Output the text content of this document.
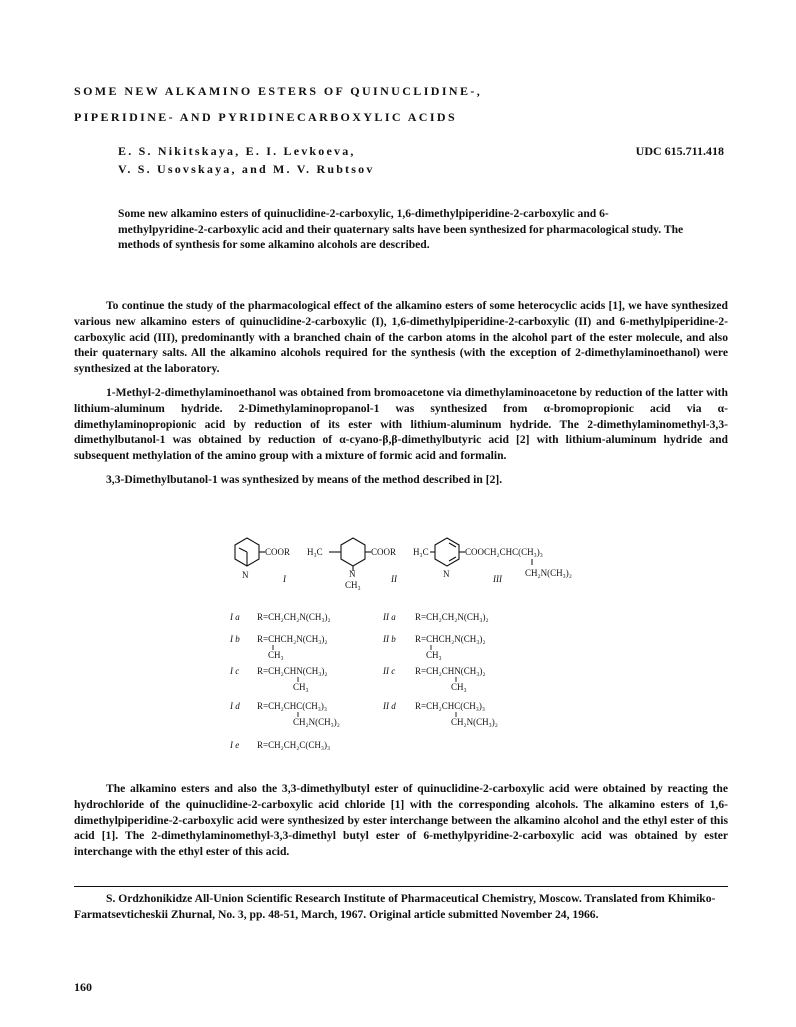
SOME NEW ALKAMINO ESTERS OF QUINUCLIDINE-,
PIPERIDINE- AND PYRIDINECARBOXYLIC ACIDS
E. S. Nikitskaya, E. I. Levkoeva,
V. S. Usovskaya, and M. V. Rubtsov
UDC 615.711.418
Some new alkamino esters of quinuclidine-2-carboxylic, 1,6-dimethylpiperidine-2-carboxylic and 6-methylpyridine-2-carboxylic acid and their quaternary salts have been synthesized for pharmacological study. The methods of synthesis for some alkamino alcohols are described.

To continue the study of the pharmacological effect of the alkamino esters of some heterocyclic acids [1], we have synthesized various new alkamino esters of quinuclidine-2-carboxylic (I), 1,6-dimethylpiperidine-2-carboxylic (II) and 6-methylpiperidine-2-carboxylic acid (III), predominantly with a branched chain of the carbon atoms in the alcohol part of the ester molecule, and also their quaternary salts. All the alkamino alcohols required for the synthesis (with the exception of 2-dimethylaminoethanol) were synthesized at the laboratory.

1-Methyl-2-dimethylaminoethanol was obtained from bromoacetone via dimethylaminoacetone by reduction of the latter with lithium-aluminum hydride. 2-Dimethylaminopropanol-1 was synthesized from α-bromopropionic acid via α-dimethylaminopropionic acid by reduction of its ester with lithium-aluminum hydride. The 2-dimethylaminomethyl-3,3-dimethylbutanol-1 was obtained by reduction of α-cyano-β,β-dimethylbutyric acid [2] with lithium-aluminum hydride and subsequent methylation of the amino group with a mixture of formic acid and formalin.

3,3-Dimethylbutanol-1 was synthesized by means of the method described in [2].

N
COOR
I
H₃C
N
COOR
CH₃
II
H₃C
N
COOCH₂CHC(CH₃)₃
CH₂N(CH₃)₂
III
I a R=CH₂CH₂N(CH₃)₂
I b R=CHCH₂N(CH₃)₂
CH₃
I c R=CH₂CHN(CH₃)₂
CH₃
I d R=CH₂CHC(CH₃)₃
CH₂N(CH₃)₂
I e R=CH₂CH₂C(CH₃)₃
II a R=CH₂CH₂N(CH₃)₂
II b R=CHCH₂N(CH₃)₂
CH₃
II c R=CH₂CHN(CH₃)₂
CH₃
II d R=CH₂CHC(CH₃)₃
CH₂N(CH₃)₂

The alkamino esters and also the 3,3-dimethylbutyl ester of quinuclidine-2-carboxylic acid were obtained by reacting the hydrochloride of the quinuclidine-2-carboxylic acid chloride [1] with the corresponding alcohols. The alkamino esters of 1,6-dimethylpiperidine-2-carboxylic acid were synthesized by ester interchange between the alkamino alcohol and the ethyl ester of this acid [1]. The 2-dimethylaminomethyl-3,3-dimethyl butyl ester of 6-methylpyridine-2-carboxylic acid was obtained by ester interchange with the ethyl ester of this acid.

S. Ordzhonikidze All-Union Scientific Research Institute of Pharmaceutical Chemistry, Moscow. Translated from Khimiko-Farmatsevticheskii Zhurnal, No. 3, pp. 48-51, March, 1967. Original article submitted November 24, 1966.

160
